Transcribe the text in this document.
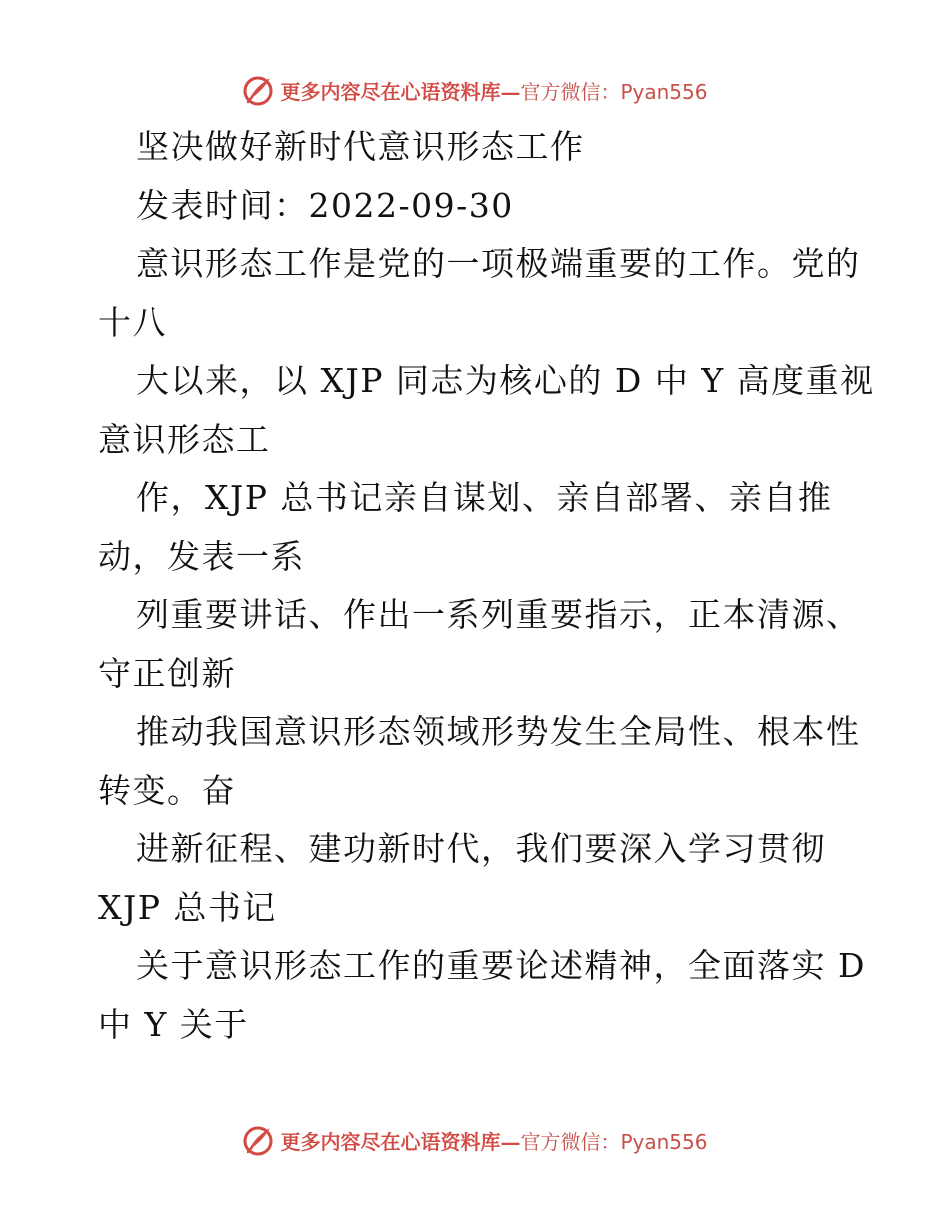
更多内容尽在心语资料库—官方微信：Pyan556
坚决做好新时代意识形态工作
发表时间：2022-09-30
意识形态工作是党的一项极端重要的工作。党的
十八
大以来，以 XJP 同志为核心的 D 中 Y 高度重视
意识形态工
作，XJP 总书记亲自谋划、亲自部署、亲自推
动，发表一系
列重要讲话、作出一系列重要指示，正本清源、
守正创新
推动我国意识形态领域形势发生全局性、根本性
转变。奋
进新征程、建功新时代，我们要深入学习贯彻
XJP 总书记
关于意识形态工作的重要论述精神，全面落实 D
中 Y 关于
更多内容尽在心语资料库—官方微信：Pyan556
